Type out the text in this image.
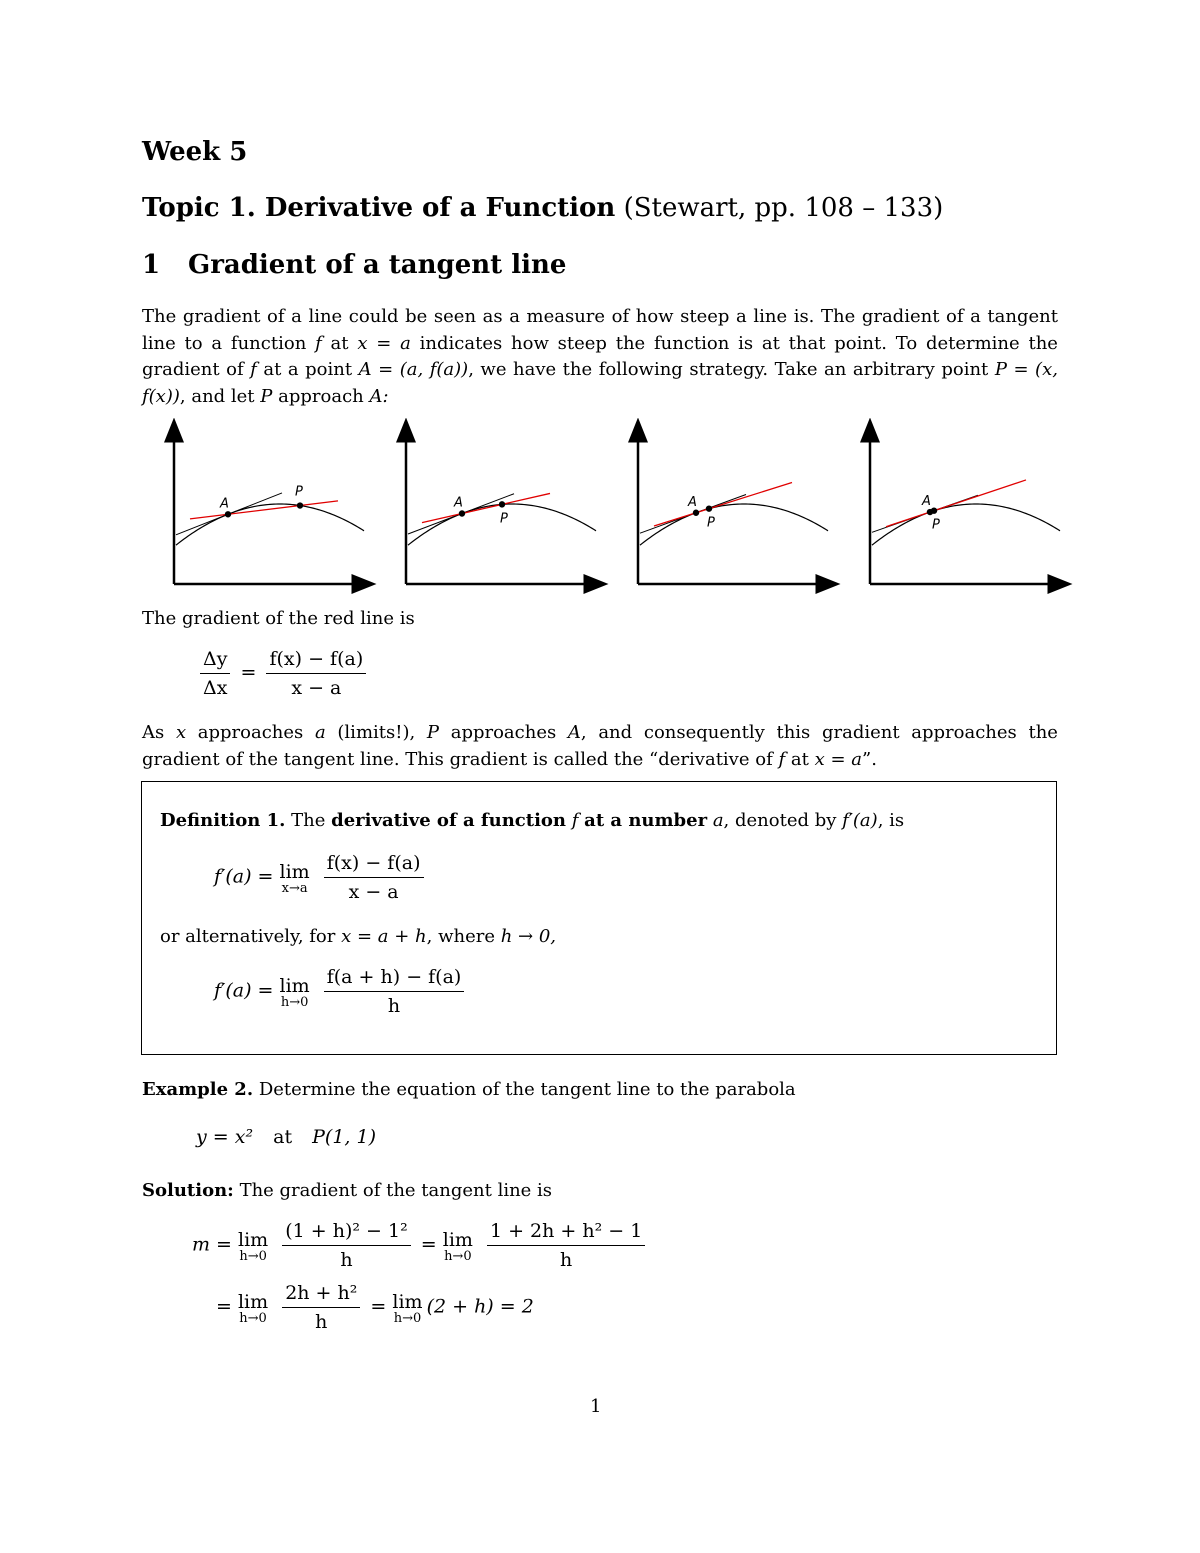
Week 5
Topic 1. Derivative of a Function (Stewart, pp. 108 – 133)
1 Gradient of a tangent line
The gradient of a line could be seen as a measure of how steep a line is. The gradient of a tangent line to a function f at x = a indicates how steep the function is at that point. To determine the gradient of f at a point A = (a, f(a)), we have the following strategy. Take an arbitrary point P = (x, f(x)), and let P approach A:
A
P
A
P
A
P
A
P
The gradient of the red line is
$\frac{\Delta y}{\Delta x} = \frac{f(x) - f(a)}{x - a}$
As x approaches a (limits!), P approaches A, and consequently this gradient approaches the gradient of the tangent line. This gradient is called the “derivative of f at x = a”.
Definition 1. The derivative of a function f at a number a, denoted by f′(a), is
f′(a) = lim
x→a
$\frac{f(x) - f(a)}{x - a}$
or alternatively, for x = a + h, where h → 0,
f′(a) = lim
h→0
$\frac{f(a + h) - f(a)}{h}$
Example 2. Determine the equation of the tangent line to the parabola
y = x² at P(1, 1)
Solution: The gradient of the tangent line is
m = lim
h→0
$\frac{\text{(1 + h)² − 1²}}{h} = \lim$
h→0
$\frac{\text{1 + 2h + h² − 1}}{h}$
= lim
h→0
$\frac{\text{2h + h²}}{h} = \lim$
h→0
(2 + h) = 2
1
